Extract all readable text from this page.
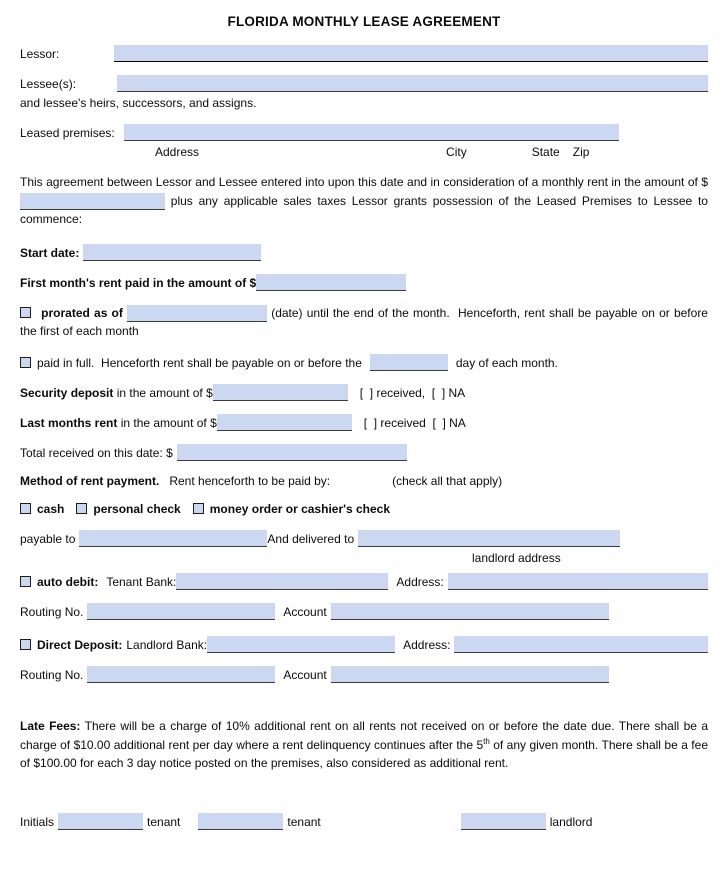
FLORIDA MONTHLY LEASE AGREEMENT
Lessor:
Lessee(s):
and lessee's heirs, successors, and assigns.
Leased premises:
Address	City	State Zip

This agreement between Lessor and Lessee entered into upon this date and in consideration of a monthly rent in the amount of $ plus any applicable sales taxes Lessor grants possession of the Leased Premises to Lessee to commence:

Start date:
First month's rent paid in the amount of $

prorated as of	(date) until the end of the month.  Henceforth, rent shall be payable on or before the first of each month

paid in full.  Henceforth rent shall be payable on or before the	day of each month.
Security deposit in the amount of $	[  ] received,  [  ] NA
Last months rent in the amount of $	[  ] received  [  ] NA
Total received on this date: $
Method of rent payment. Rent henceforth to be paid by:	(check all that apply)
cash personal check money order or cashier's check
payable to	And delivered to
landlord address
auto debit: Tenant Bank:	Address:
Routing No.	Account
Direct Deposit: Landlord Bank:	Address:
Routing No.	Account

Late Fees: There will be a charge of 10% additional rent on all rents not received on or before the date due. There shall be a charge of $10.00 additional rent per day where a rent delinquency continues after the 5th of any given month. There shall be a fee of $100.00 for each 3 day notice posted on the premises, also considered as additional rent.

Initials	tenant	tenant	landlord
